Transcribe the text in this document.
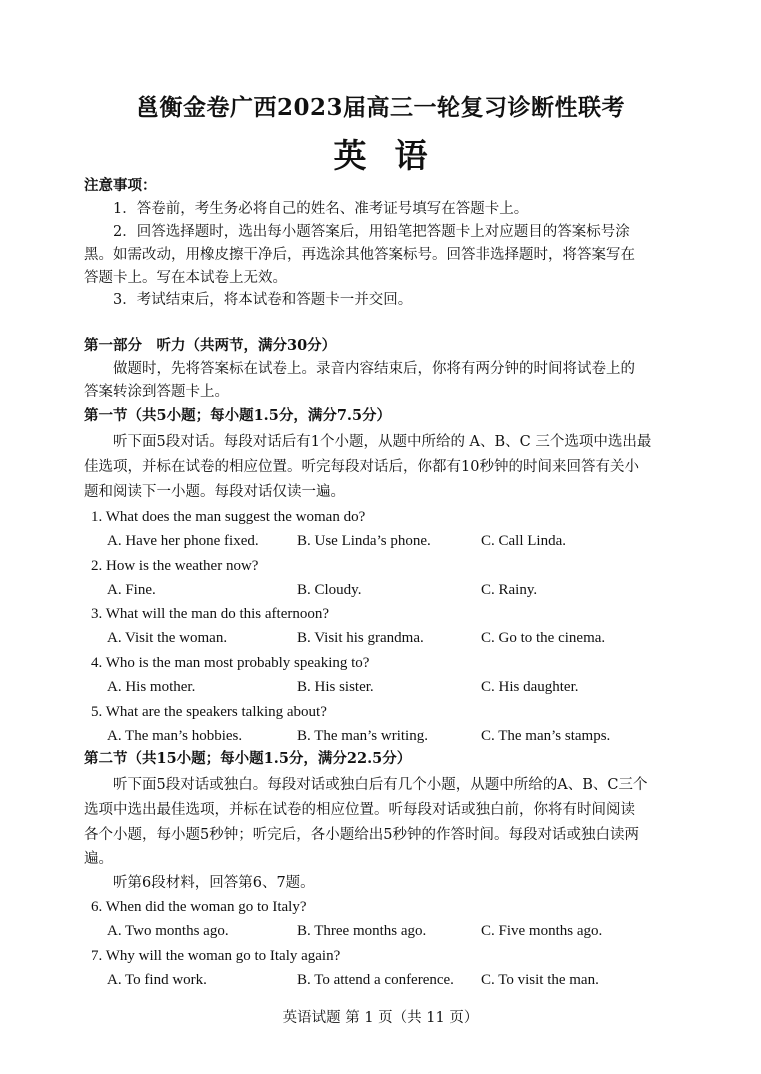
邕衡金卷广西2023届高三一轮复习诊断性联考
英语
注意事项：
1．答卷前，考生务必将自己的姓名、准考证号填写在答题卡上。
2．回答选择题时，选出每小题答案后，用铅笔把答题卡上对应题目的答案标号涂
黑。如需改动，用橡皮擦干净后，再选涂其他答案标号。回答非选择题时，将答案写在
答题卡上。写在本试卷上无效。
3．考试结束后，将本试卷和答题卡一并交回。
第一部分　听力（共两节，满分30分）
做题时，先将答案标在试卷上。录音内容结束后，你将有两分钟的时间将试卷上的
答案转涂到答题卡上。
第一节（共5小题；每小题1.5分，满分7.5分）
听下面5段对话。每段对话后有1个小题，从题中所给的 A、B、C 三个选项中选出最
佳选项，并标在试卷的相应位置。听完每段对话后，你都有10秒钟的时间来回答有关小
题和阅读下一小题。每段对话仅读一遍。
1. What does the man suggest the woman do?
A. Have her phone fixed.	B. Use Linda’s phone.	C. Call Linda.
2. How is the weather now?
A. Fine.	B. Cloudy.	C. Rainy.
3. What will the man do this afternoon?
A. Visit the woman.	B. Visit his grandma.	C. Go to the cinema.
4. Who is the man most probably speaking to?
A. His mother.	B. His sister.	C. His daughter.
5. What are the speakers talking about?
A. The man’s hobbies.	B. The man’s writing.	C. The man’s stamps.
第二节（共15小题；每小题1.5分，满分22.5分）
听下面5段对话或独白。每段对话或独白后有几个小题，从题中所给的A、B、C三个
选项中选出最佳选项，并标在试卷的相应位置。听每段对话或独白前，你将有时间阅读
各个小题，每小题5秒钟；听完后，各小题给出5秒钟的作答时间。每段对话或独白读两
遍。
听第6段材料，回答第6、7题。
6. When did the woman go to Italy?
A. Two months ago.	B. Three months ago.	C. Five months ago.
7. Why will the woman go to Italy again?
A. To find work.	B. To attend a conference. C. To visit the man.
英语试题 第 1 页（共 11 页）
